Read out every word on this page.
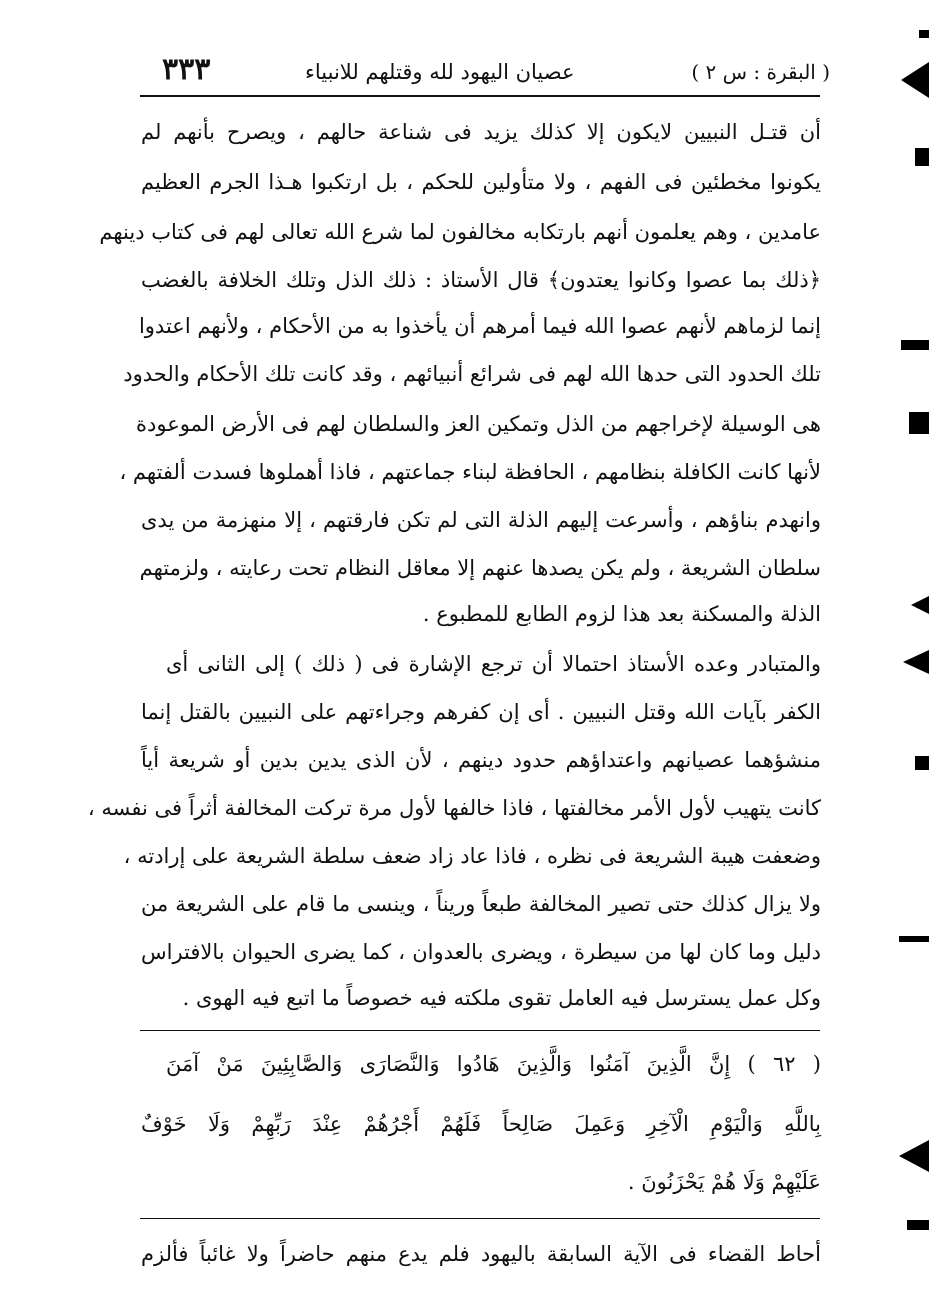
٣٣٣	عصيان اليهود لله وقتلهم للانبياء	( البقرة : س ٢ )
أن قتـل النبيين لايكون إلا كذلك يزيد فى شناعة حالهم ، ويصرح بأنهم لم
يكونوا مخطئين فى الفهم ، ولا متأولين للحكم ، بل ارتكبوا هـذا الجرم العظيم
عامدين ، وهم يعلمون أنهم بارتكابه مخالفون لما شرع الله تعالى لهم فى كتاب دينهم
﴿ذلك بما عصوا وكانوا يعتدون﴾ قال الأستاذ : ذلك الذل وتلك الخلافة بالغضب
إنما لزماهم لأنهم عصوا الله فيما أمرهم أن يأخذوا به من الأحكام ، ولأنهم اعتدوا
تلك الحدود التى حدها الله لهم فى شرائع أنبيائهم ، وقد كانت تلك الأحكام والحدود
هى الوسيلة لإخراجهم من الذل وتمكين العز والسلطان لهم فى الأرض الموعودة
لأنها كانت الكافلة بنظامهم ، الحافظة لبناء جماعتهم ، فاذا أهملوها فسدت ألفتهم ،
وانهدم بناؤهم ، وأسرعت إليهم الذلة التى لم تكن فارقتهم ، إلا منهزمة من يدى
سلطان الشريعة ، ولم يكن يصدها عنهم إلا معاقل النظام تحت رعايته ، ولزمتهم
الذلة والمسكنة بعد هذا لزوم الطابع للمطبوع .
والمتبادر وعده الأستاذ احتمالا أن ترجع الإشارة فى ( ذلك ) إلى الثانى أى
الكفر بآيات الله وقتل النبيين . أى إن كفرهم وجراءتهم على النبيين بالقتل إنما
منشؤهما عصيانهم واعتداؤهم حدود دينهم ، لأن الذى يدين بدين أو شريعة أياً
كانت يتهيب لأول الأمر مخالفتها ، فاذا خالفها لأول مرة تركت المخالفة أثراً فى نفسه ،
وضعفت هيبة الشريعة فى نظره ، فاذا عاد زاد ضعف سلطة الشريعة على إرادته ،
ولا يزال كذلك حتى تصير المخالفة طبعاً وريناً ، وينسى ما قام على الشريعة من
دليل وما كان لها من سيطرة ، ويضرى بالعدوان ، كما يضرى الحيوان بالافتراس
وكل عمل يسترسل فيه العامل تقوى ملكته فيه خصوصاً ما اتبع فيه الهوى .
( ٦٢ ) إِنَّ الَّذِينَ آمَنُوا وَالَّذِينَ هَادُوا وَالنَّصَارَى وَالصَّابِئِينَ مَنْ آمَنَ
بِاللَّهِ وَالْيَوْمِ الْآخِرِ وَعَمِلَ صَالِحاً فَلَهُمْ أَجْرُهُمْ عِنْدَ رَبِّهِمْ وَلَا خَوْفٌ
عَلَيْهِمْ وَلَا هُمْ يَحْزَنُونَ .
أحاط القضاء فى الآية السابقة باليهود فلم يدع منهم حاضراً ولا غائباً فألزم
